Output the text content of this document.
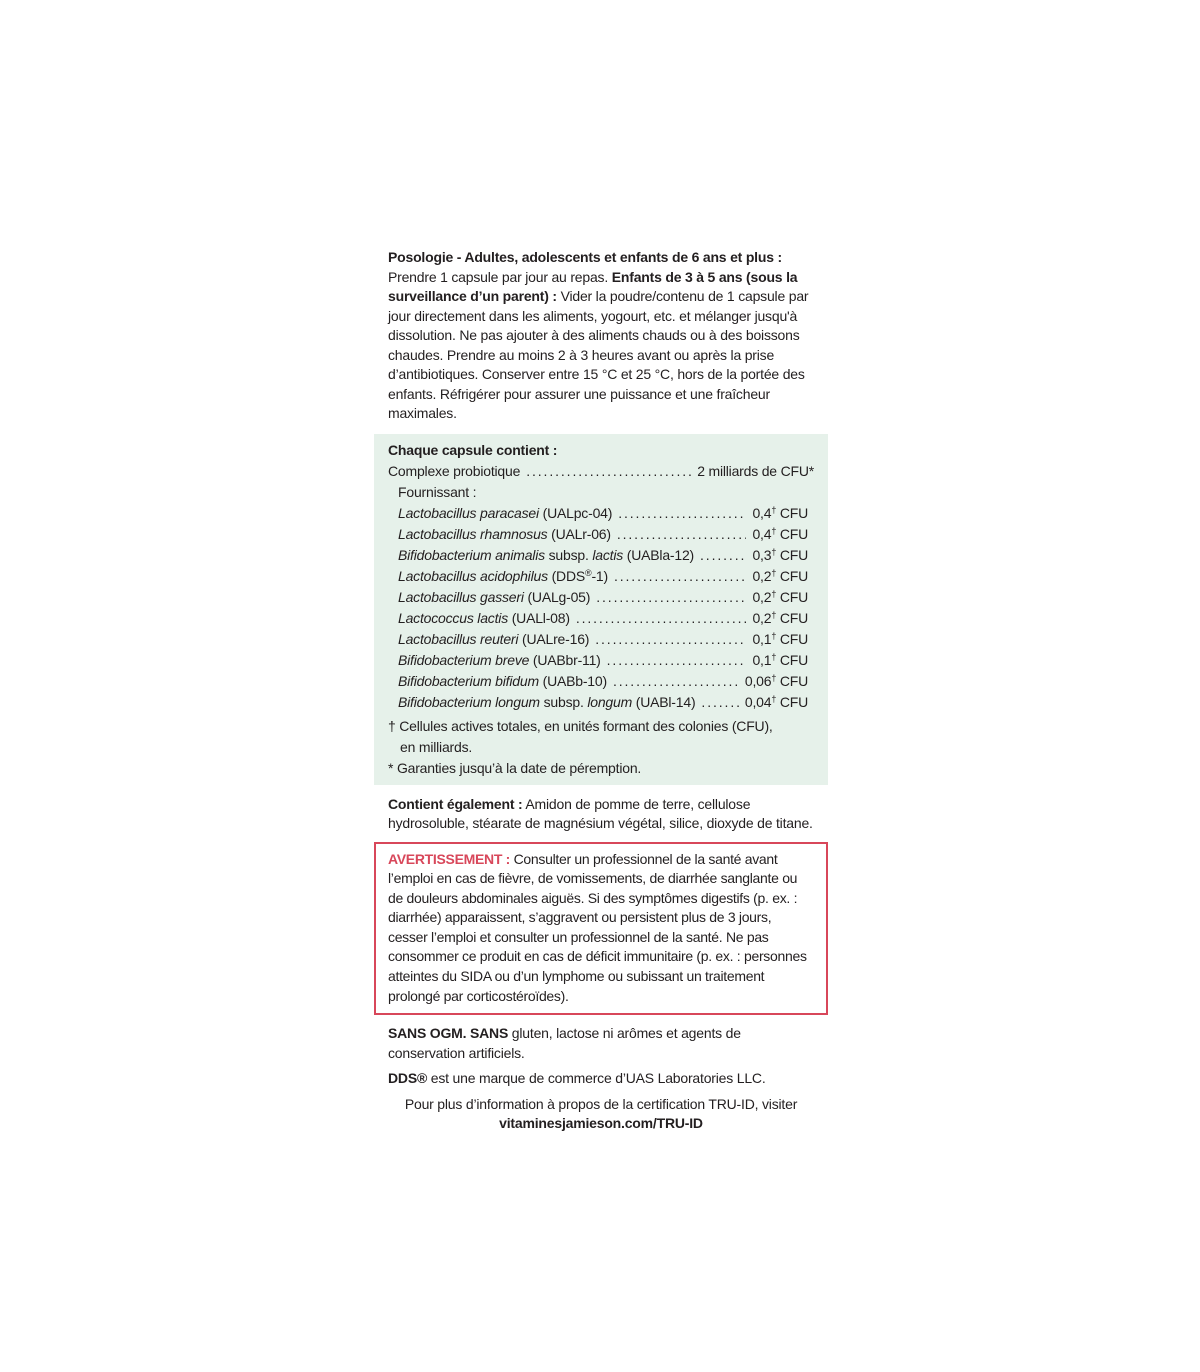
Posologie - Adultes, adolescents et enfants de 6 ans et plus : Prendre 1 capsule par jour au repas. Enfants de 3 à 5 ans (sous la surveillance d’un parent) : Vider la poudre/contenu de 1 capsule par jour directement dans les aliments, yogourt, etc. et mélanger jusqu'à dissolution. Ne pas ajouter à des aliments chauds ou à des boissons chaudes. Prendre au moins 2 à 3 heures avant ou après la prise d’antibiotiques. Conserver entre 15 °C et 25 °C, hors de la portée des enfants. Réfrigérer pour assurer une puissance et une fraîcheur maximales.
Chaque capsule contient :
Complexe probiotique . . .	2 milliards de CFU*
Fournissant :
Lactobacillus paracasei (UALpc-04) . . .	0,4† CFU
Lactobacillus rhamnosus (UALr-06) . . .	0,4† CFU
Bifidobacterium animalis subsp. lactis (UABla-12) . . .	0,3† CFU
Lactobacillus acidophilus (DDS®-1) . . .	0,2† CFU
Lactobacillus gasseri (UALg-05) . . .	0,2† CFU
Lactococcus lactis (UALl-08) . . .	0,2† CFU
Lactobacillus reuteri (UALre-16) . . .	0,1† CFU
Bifidobacterium breve (UABbr-11) . . .	0,1† CFU
Bifidobacterium bifidum (UABb-10) . . .	0,06† CFU
Bifidobacterium longum subsp. longum (UABl-14) . . .	0,04† CFU
† Cellules actives totales, en unités formant des colonies (CFU),
en milliards.
* Garanties jusqu’à la date de péremption.
Contient également : Amidon de pomme de terre, cellulose hydrosoluble, stéarate de magnésium végétal, silice, dioxyde de titane.
AVERTISSEMENT : Consulter un professionnel de la santé avant l’emploi en cas de fièvre, de vomissements, de diarrhée sanglante ou de douleurs abdominales aiguës. Si des symptômes digestifs (p. ex. : diarrhée) apparaissent, s’aggravent ou persistent plus de 3 jours, cesser l’emploi et consulter un professionnel de la santé. Ne pas consommer ce produit en cas de déficit immunitaire (p. ex. : personnes atteintes du SIDA ou d’un lymphome ou subissant un traitement prolongé par corticostéroïdes).
SANS OGM. SANS gluten, lactose ni arômes et agents de conservation artificiels.
DDS® est une marque de commerce d’UAS Laboratories LLC.
Pour plus d’information à propos de la certification TRU-ID, visiter
vitaminesjamieson.com/TRU-ID
